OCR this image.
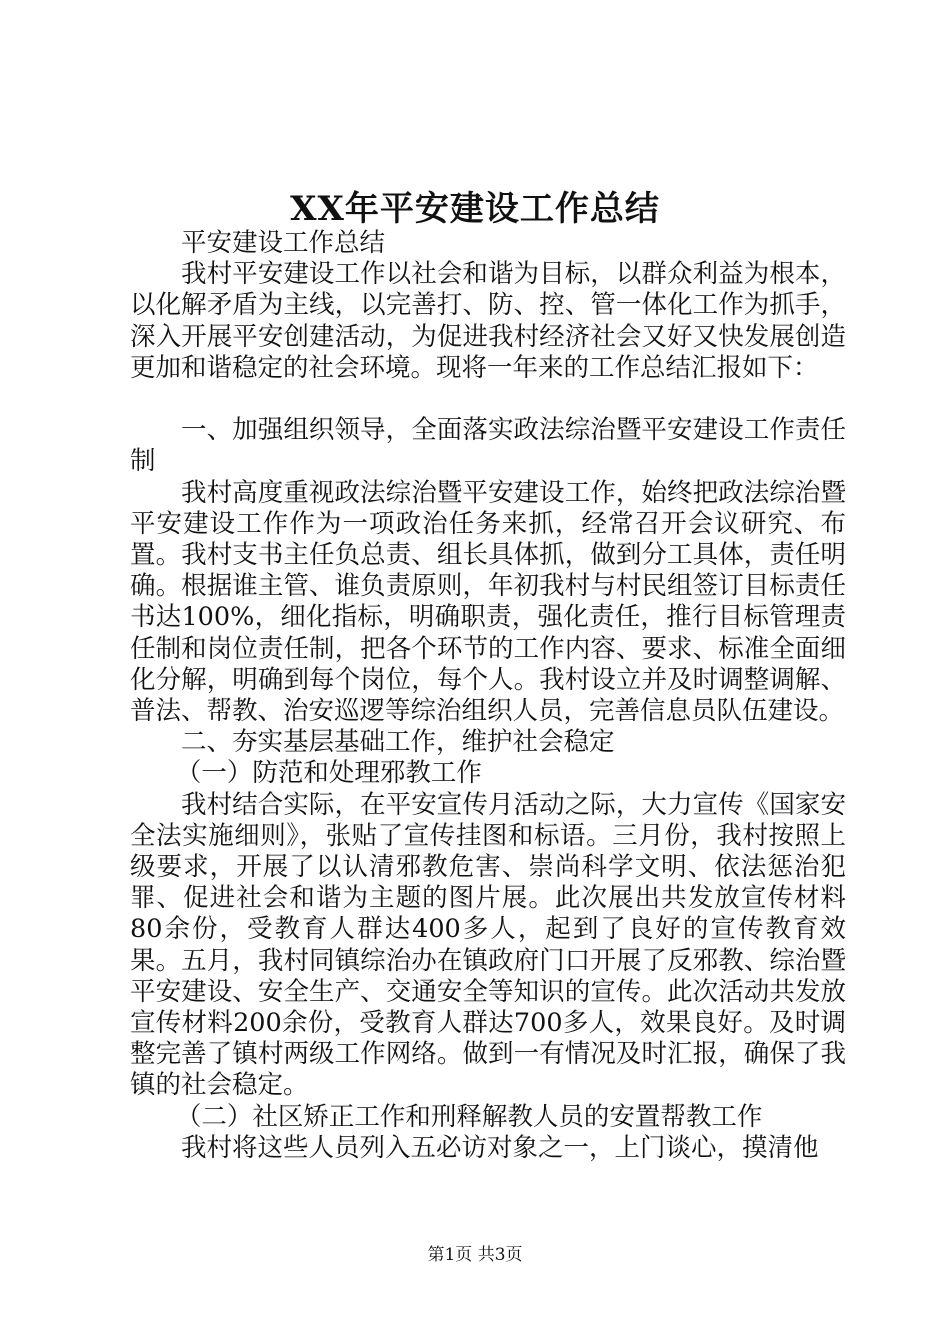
XX年平安建设工作总结

平安建设工作总结

我村平安建设工作以社会和谐为目标，以群众利益为根本，以化解矛盾为主线，以完善打、防、控、管一体化工作为抓手，深入开展平安创建活动，为促进我村经济社会又好又快发展创造更加和谐稳定的社会环境。现将一年来的工作总结汇报如下：

一、加强组织领导，全面落实政法综治暨平安建设工作责任制

我村高度重视政法综治暨平安建设工作，始终把政法综治暨平安建设工作作为一项政治任务来抓，经常召开会议研究、布置。我村支书主任负总责、组长具体抓，做到分工具体，责任明确。根据谁主管、谁负责原则，年初我村与村民组签订目标责任书达100%，细化指标，明确职责，强化责任，推行目标管理责任制和岗位责任制，把各个环节的工作内容、要求、标准全面细化分解，明确到每个岗位，每个人。我村设立并及时调整调解、普法、帮教、治安巡逻等综治组织人员，完善信息员队伍建设。

二、夯实基层基础工作，维护社会稳定

（一）防范和处理邪教工作

我村结合实际，在平安宣传月活动之际，大力宣传《国家安全法实施细则》，张贴了宣传挂图和标语。三月份，我村按照上级要求，开展了以认清邪教危害、崇尚科学文明、依法惩治犯罪、促进社会和谐为主题的图片展。此次展出共发放宣传材料80余份，受教育人群达400多人，起到了良好的宣传教育效果。五月，我村同镇综治办在镇政府门口开展了反邪教、综治暨平安建设、安全生产、交通安全等知识的宣传。此次活动共发放宣传材料200余份，受教育人群达700多人，效果良好。及时调整完善了镇村两级工作网络。做到一有情况及时汇报，确保了我镇的社会稳定。

（二）社区矫正工作和刑释解教人员的安置帮教工作

我村将这些人员列入五必访对象之一，上门谈心，摸清他

第1页 共3页
